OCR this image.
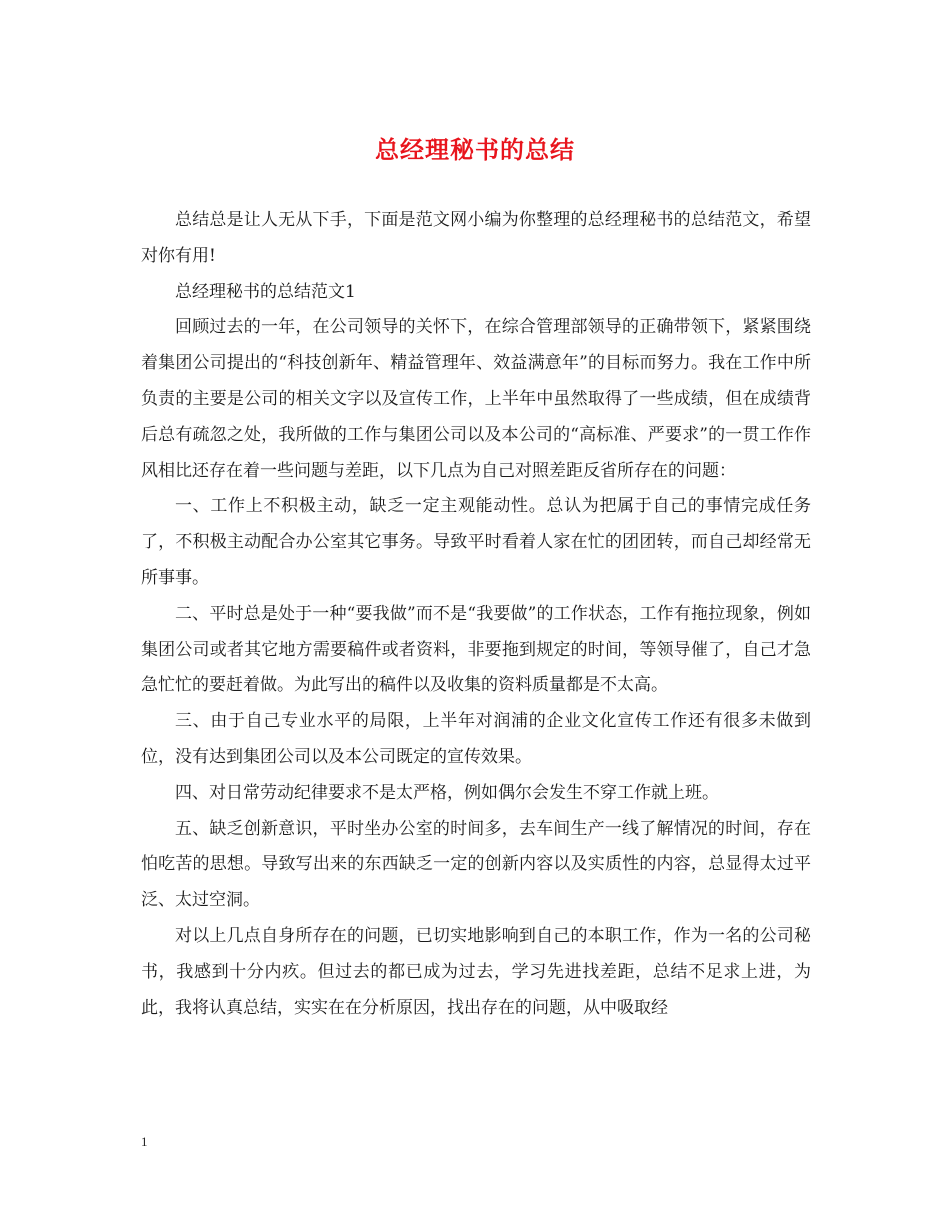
总经理秘书的总结

总结总是让人无从下手，下面是范文网小编为你整理的总经理秘书的总结范文，希望对你有用!

总经理秘书的总结范文1

回顾过去的一年，在公司领导的关怀下，在综合管理部领导的正确带领下，紧紧围绕着集团公司提出的“科技创新年、精益管理年、效益满意年”的目标而努力。我在工作中所负责的主要是公司的相关文字以及宣传工作，上半年中虽然取得了一些成绩，但在成绩背后总有疏忽之处，我所做的工作与集团公司以及本公司的“高标准、严要求”的一贯工作作风相比还存在着一些问题与差距，以下几点为自己对照差距反省所存在的问题：

一、工作上不积极主动，缺乏一定主观能动性。总认为把属于自己的事情完成任务了，不积极主动配合办公室其它事务。导致平时看着人家在忙的团团转，而自己却经常无所事事。

二、平时总是处于一种“要我做”而不是“我要做”的工作状态，工作有拖拉现象，例如集团公司或者其它地方需要稿件或者资料，非要拖到规定的时间，等领导催了，自己才急急忙忙的要赶着做。为此写出的稿件以及收集的资料质量都是不太高。

三、由于自己专业水平的局限，上半年对润浦的企业文化宣传工作还有很多未做到位，没有达到集团公司以及本公司既定的宣传效果。

四、对日常劳动纪律要求不是太严格，例如偶尔会发生不穿工作就上班。

五、缺乏创新意识，平时坐办公室的时间多，去车间生产一线了解情况的时间，存在怕吃苦的思想。导致写出来的东西缺乏一定的创新内容以及实质性的内容，总显得太过平泛、太过空洞。

对以上几点自身所存在的问题，已切实地影响到自己的本职工作，作为一名的公司秘书，我感到十分内疚。但过去的都已成为过去，学习先进找差距，总结不足求上进，为此，我将认真总结，实实在在分析原因，找出存在的问题，从中吸取经

1
